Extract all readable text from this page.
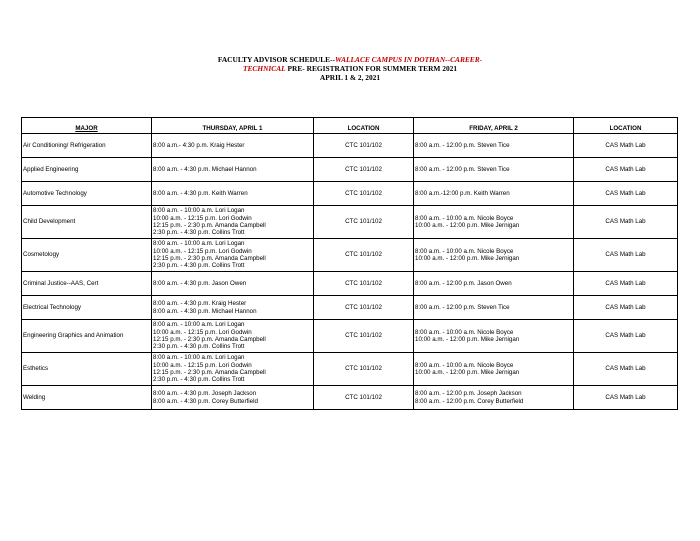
FACULTY ADVISOR SCHEDULE--WALLACE CAMPUS IN DOTHAN--CAREER-
TECHNICAL PRE- REGISTRATION FOR SUMMER TERM 2021
APRIL 1 & 2, 2021
MAJOR	THURSDAY, APRIL 1	LOCATION	FRIDAY, APRIL 2	LOCATION
Air Conditioning/ Refrigeration	8:00 a.m.- 4:30 p.m. Kraig Hester	CTC 101/102	8:00 a.m. - 12:00 p.m. Steven Tice	CAS Math Lab
Applied Engineering	8:00 a.m. - 4:30 p.m. Michael Hannon	CTC 101/102	8:00 a.m. - 12:00 p.m. Steven Tice	CAS Math Lab
Automotive Technology	8:00 a.m. - 4:30 p.m. Keith Warren	CTC 101/102	8:00 a.m.-12:00 p.m. Keith Warren	CAS Math Lab
Child Development	8:00 a.m. - 10:00 a.m. Lori Logan
10:00 a.m. - 12:15 p.m. Lori Godwin
12:15 p.m. - 2:30 p.m. Amanda Campbell
2:30 p.m. - 4:30 p.m. Collins Trott	CTC 101/102	8:00 a.m. - 10:00 a.m. Nicole Boyce
10:00 a.m. - 12:00 p.m. Mike Jernigan	CAS Math Lab
Cosmetology	8:00 a.m. - 10:00 a.m. Lori Logan
10:00 a.m. - 12:15 p.m. Lori Godwin
12:15 p.m. - 2:30 p.m. Amanda Campbell
2:30 p.m. - 4:30 p.m. Collins Trott	CTC 101/102	8:00 a.m. - 10:00 a.m. Nicole Boyce
10:00 a.m. - 12:00 p.m. Mike Jernigan	CAS Math Lab
Criminal Justice--AAS, Cert	8:00 a.m. - 4:30 p.m. Jason Owen	CTC 101/102	8:00 a.m. - 12:00 p.m. Jason Owen	CAS Math Lab
Electrical Technology	8:00 a.m. - 4:30 p.m. Kraig Hester
8:00 a.m. - 4:30 p.m. Michael Hannon	CTC 101/102	8:00 a.m. - 12:00 p.m. Steven Tice	CAS Math Lab
Engineering Graphics and Animation	8:00 a.m. - 10:00 a.m. Lori Logan
10:00 a.m. - 12:15 p.m. Lori Godwin
12:15 p.m. - 2:30 p.m. Amanda Campbell
2:30 p.m. - 4:30 p.m. Collins Trott	CTC 101/102	8:00 a.m. - 10:00 a.m. Nicole Boyce
10:00 a.m. - 12:00 p.m. Mike Jernigan	CAS Math Lab
Esthetics	8:00 a.m. - 10:00 a.m. Lori Logan
10:00 a.m. - 12:15 p.m. Lori Godwin
12:15 p.m. - 2:30 p.m. Amanda Campbell
2:30 p.m. - 4:30 p.m. Collins Trott	CTC 101/102	8:00 a.m. - 10:00 a.m. Nicole Boyce
10:00 a.m. - 12:00 p.m. Mike Jernigan	CAS Math Lab
Welding	8:00 a.m. - 4:30 p.m. Joseph Jackson
8:00 a.m. - 4:30 p.m. Corey Butterfield	CTC 101/102	8:00 a.m. - 12:00 p.m. Joseph Jackson
8:00 a.m. - 12:00 p.m. Corey Butterfield	CAS Math Lab
